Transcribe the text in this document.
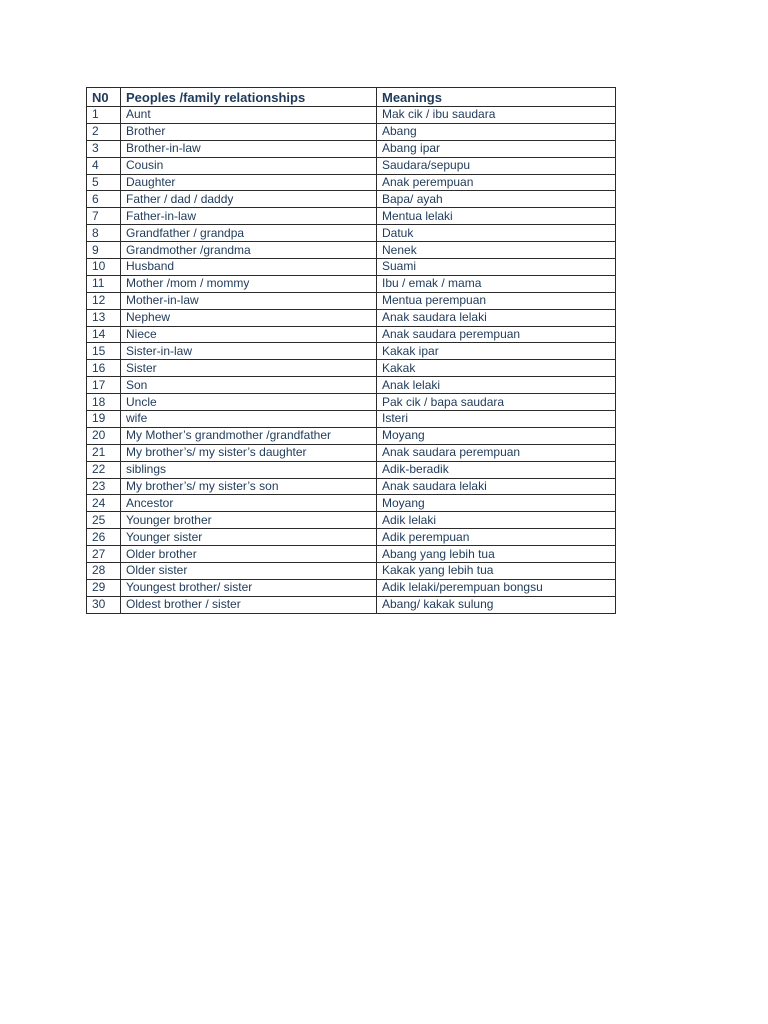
N0	Peoples /family relationships	Meanings
1	Aunt	Mak cik / ibu saudara
2	Brother	Abang
3	Brother-in-law	Abang ipar
4	Cousin	Saudara/sepupu
5	Daughter	Anak perempuan
6	Father / dad / daddy	Bapa/ ayah
7	Father-in-law	Mentua lelaki
8	Grandfather / grandpa	Datuk
9	Grandmother /grandma	Nenek
10	Husband	Suami
11	Mother /mom / mommy	Ibu / emak / mama
12	Mother-in-law	Mentua perempuan
13	Nephew	Anak saudara lelaki
14	Niece	Anak saudara perempuan
15	Sister-in-law	Kakak ipar
16	Sister	Kakak
17	Son	Anak lelaki
18	Uncle	Pak cik / bapa saudara
19	wife	Isteri
20	My Mother’s grandmother /grandfather	Moyang
21	My brother’s/ my sister’s daughter	Anak saudara perempuan
22	siblings	Adik-beradik
23	My brother’s/ my sister’s son	Anak saudara lelaki
24	Ancestor	Moyang
25	Younger brother	Adik lelaki
26	Younger sister	Adik perempuan
27	Older brother	Abang yang lebih tua
28	Older sister	Kakak yang lebih tua
29	Youngest brother/ sister	Adik lelaki/perempuan bongsu
30	Oldest brother / sister	Abang/ kakak sulung
